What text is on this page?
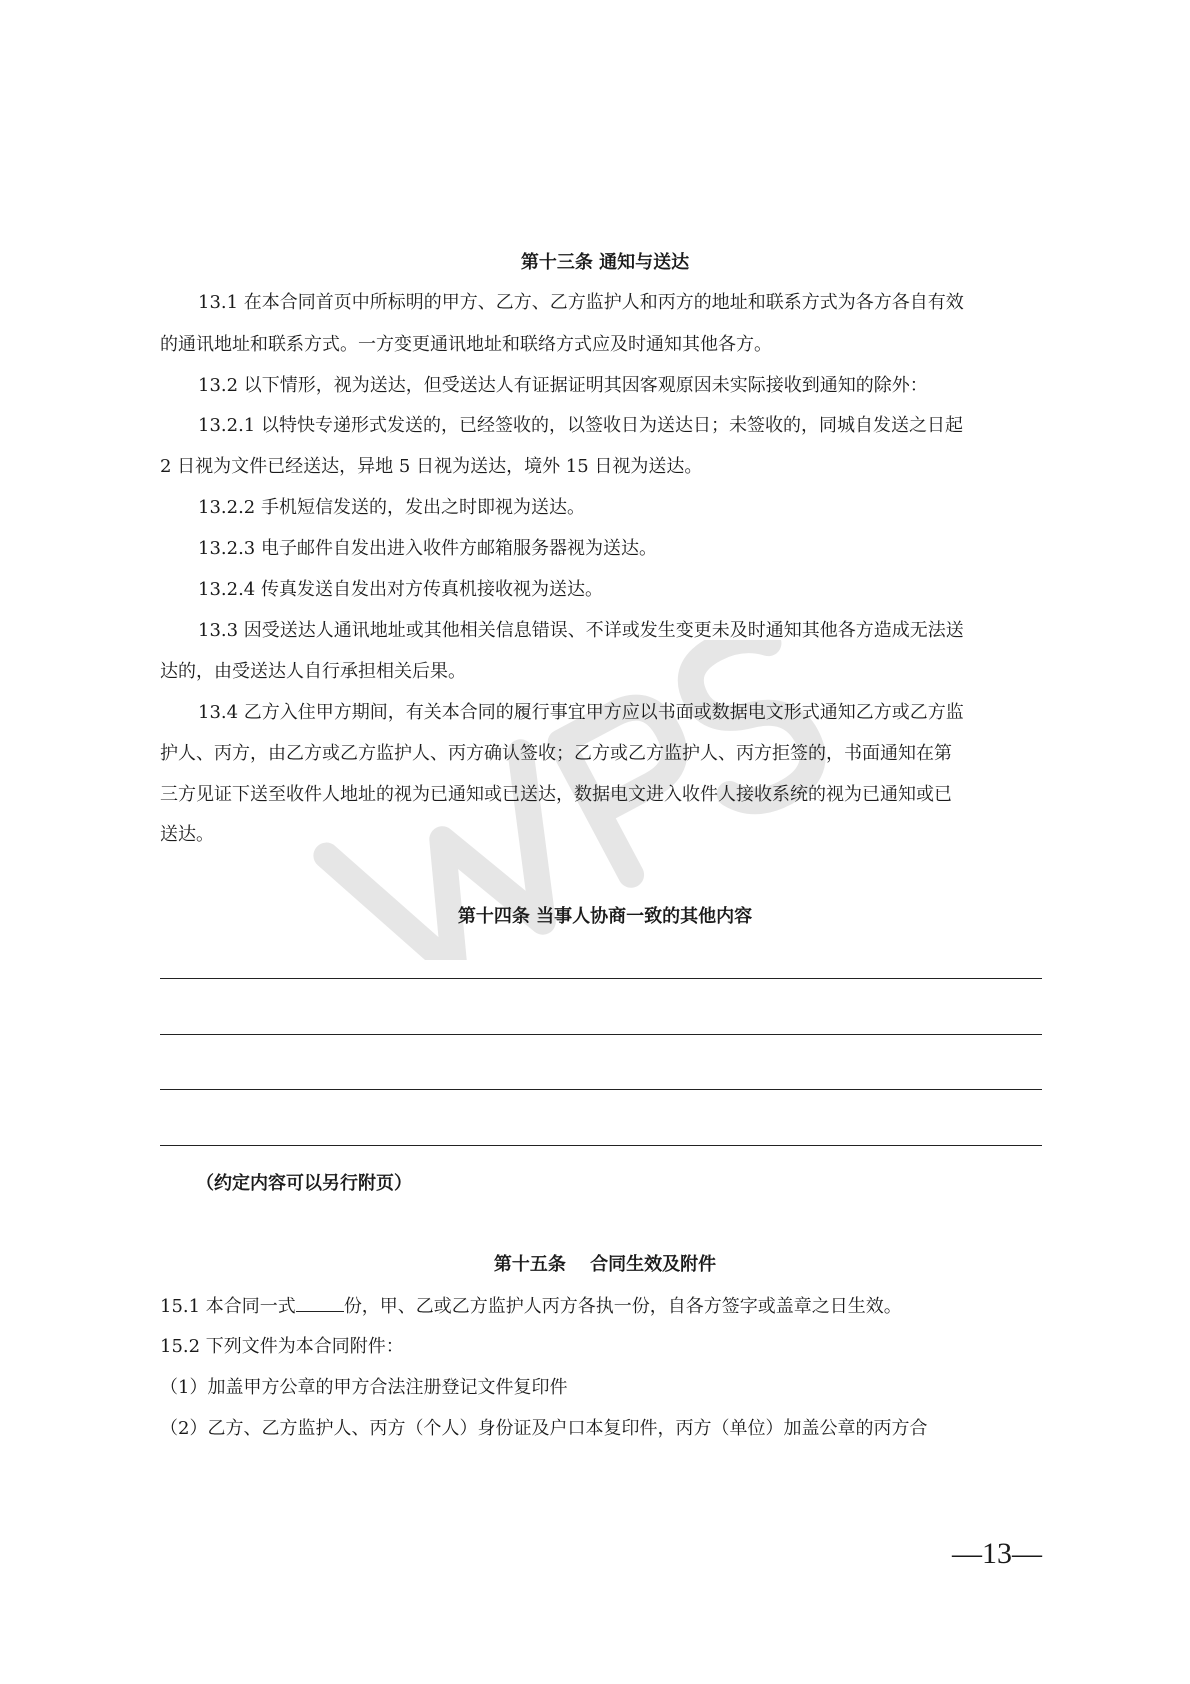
第十三条 通知与送达
13.1 在本合同首页中所标明的甲方、乙方、乙方监护人和丙方的地址和联系方式为各方各自有效
的通讯地址和联系方式。一方变更通讯地址和联络方式应及时通知其他各方。
13.2 以下情形，视为送达，但受送达人有证据证明其因客观原因未实际接收到通知的除外：
13.2.1 以特快专递形式发送的，已经签收的，以签收日为送达日；未签收的，同城自发送之日起
2 日视为文件已经送达，异地 5 日视为送达，境外 15 日视为送达。
13.2.2 手机短信发送的，发出之时即视为送达。
13.2.3 电子邮件自发出进入收件方邮箱服务器视为送达。
13.2.4 传真发送自发出对方传真机接收视为送达。
13.3 因受送达人通讯地址或其他相关信息错误、不详或发生变更未及时通知其他各方造成无法送
达的，由受送达人自行承担相关后果。
13.4 乙方入住甲方期间，有关本合同的履行事宜甲方应以书面或数据电文形式通知乙方或乙方监
护人、丙方，由乙方或乙方监护人、丙方确认签收；乙方或乙方监护人、丙方拒签的，书面通知在第
三方见证下送至收件人地址的视为已通知或已送达，数据电文进入收件人接收系统的视为已通知或已
送达。
第十四条 当事人协商一致的其他内容
（约定内容可以另行附页）
第十五条　 合同生效及附件
15.1 本合同一式	份，甲、乙或乙方监护人丙方各执一份，自各方签字或盖章之日生效。
15.2 下列文件为本合同附件：
（1）加盖甲方公章的甲方合法注册登记文件复印件
（2）乙方、乙方监护人、丙方（个人）身份证及户口本复印件，丙方（单位）加盖公章的丙方合
—13—
